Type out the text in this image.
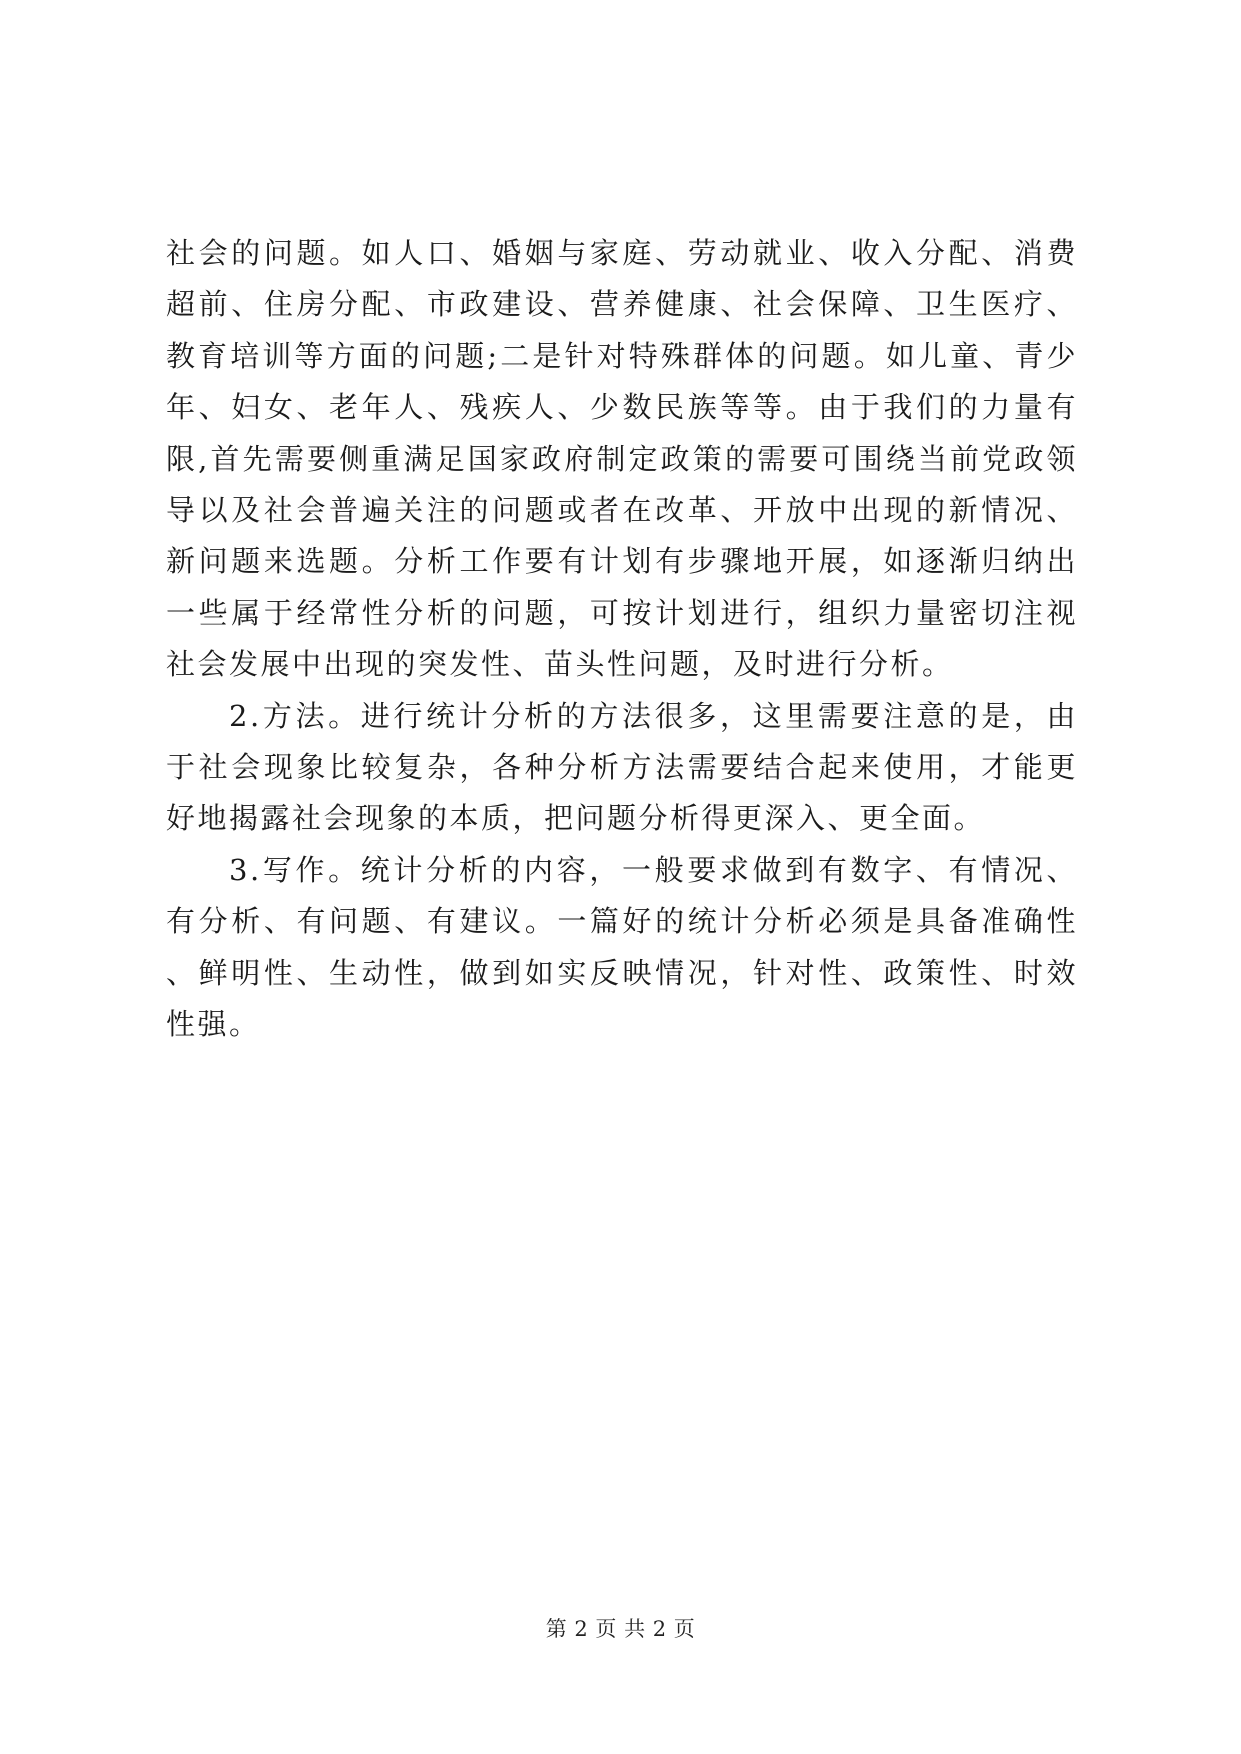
社会的问题。如人口、婚姻与家庭、劳动就业、收入分配、消费超前、住房分配、市政建设、营养健康、社会保障、卫生医疗、教育培训等方面的问题;二是针对特殊群体的问题。如儿童、青少年、妇女、老年人、残疾人、少数民族等等。由于我们的力量有限,首先需要侧重满足国家政府制定政策的需要可围绕当前党政领导以及社会普遍关注的问题或者在改革、开放中出现的新情况、新问题来选题。分析工作要有计划有步骤地开展，如逐渐归纳出一些属于经常性分析的问题，可按计划进行，组织力量密切注视社会发展中出现的突发性、苗头性问题，及时进行分析。

2.方法。进行统计分析的方法很多，这里需要注意的是，由于社会现象比较复杂，各种分析方法需要结合起来使用，才能更好地揭露社会现象的本质，把问题分析得更深入、更全面。

3.写作。统计分析的内容，一般要求做到有数字、有情况、有分析、有问题、有建议。一篇好的统计分析必须是具备准确性、鲜明性、生动性，做到如实反映情况，针对性、政策性、时效性强。

第 2 页 共 2 页
